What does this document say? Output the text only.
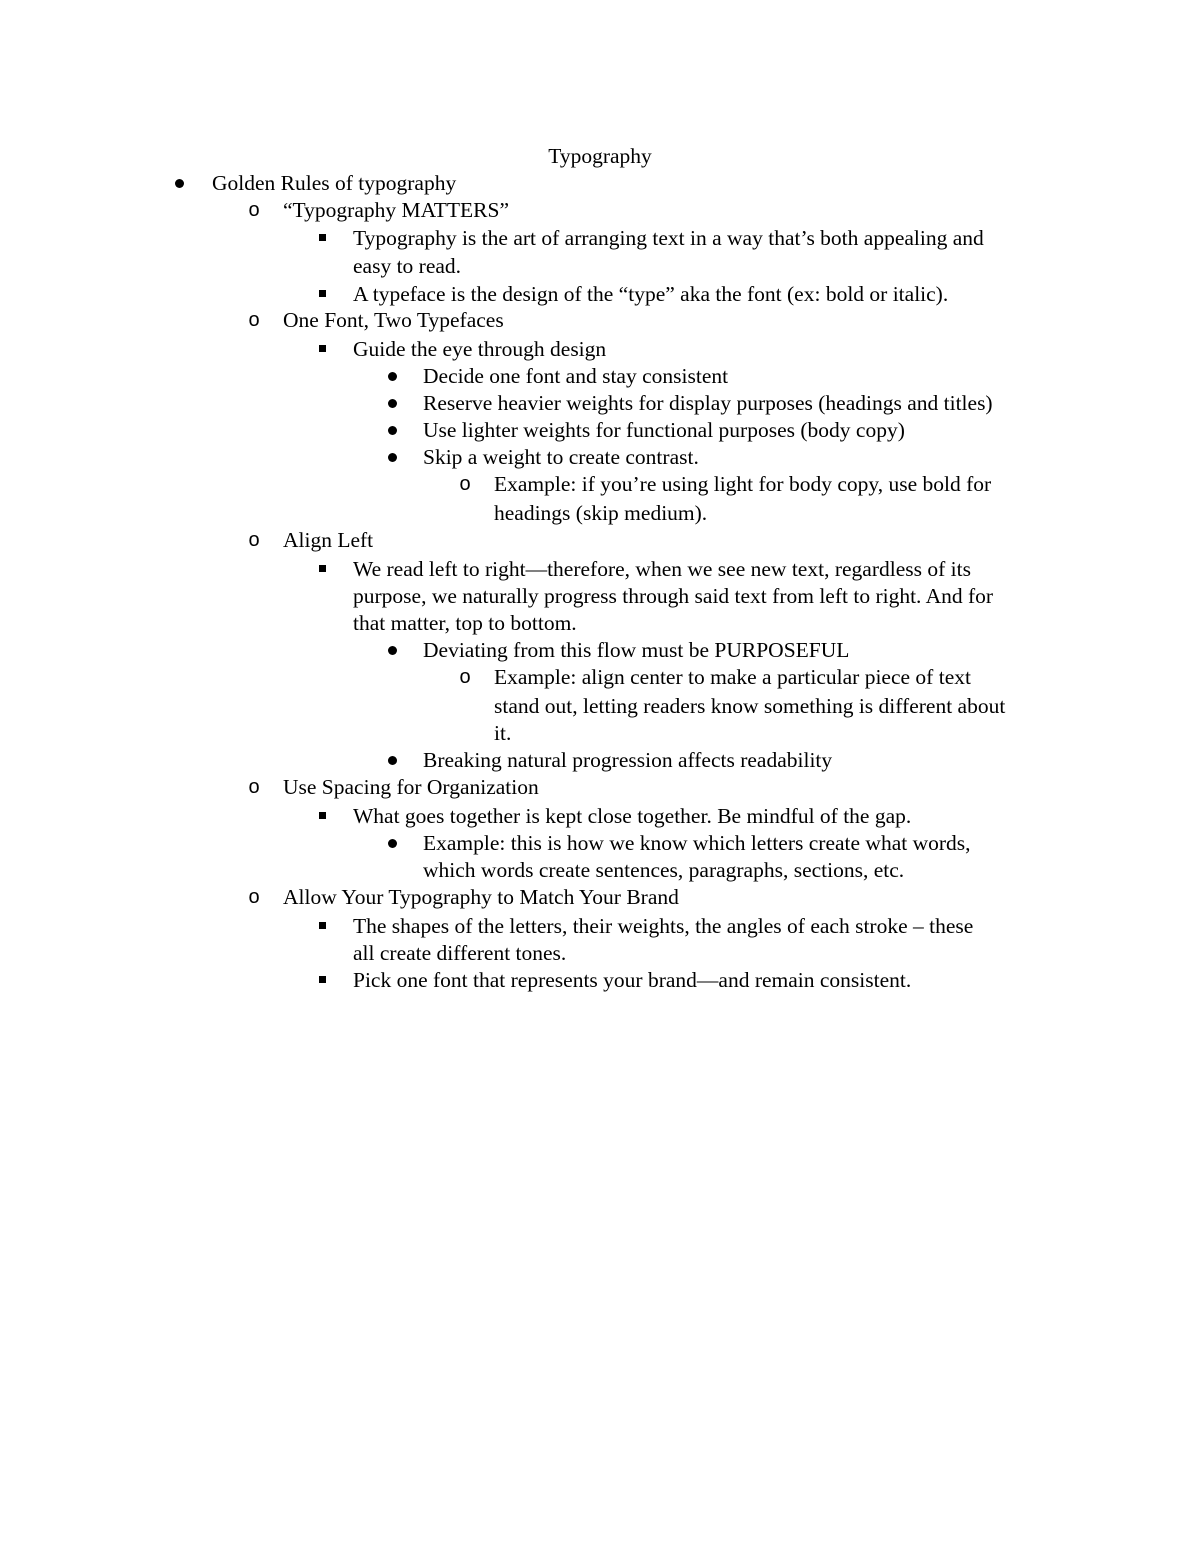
Typography
Golden Rules of typography
o “Typography MATTERS”
Typography is the art of arranging text in a way that’s both appealing and
easy to read.
A typeface is the design of the “type” aka the font (ex: bold or italic).
o One Font, Two Typefaces
Guide the eye through design
Decide one font and stay consistent
Reserve heavier weights for display purposes (headings and titles)
Use lighter weights for functional purposes (body copy)
Skip a weight to create contrast.
o Example: if you’re using light for body copy, use bold for
headings (skip medium).
o Align Left
We read left to right—therefore, when we see new text, regardless of its
purpose, we naturally progress through said text from left to right. And for
that matter, top to bottom.
Deviating from this flow must be PURPOSEFUL
o Example: align center to make a particular piece of text
stand out, letting readers know something is different about
it.
Breaking natural progression affects readability
o Use Spacing for Organization
What goes together is kept close together. Be mindful of the gap.
Example: this is how we know which letters create what words,
which words create sentences, paragraphs, sections, etc.
o Allow Your Typography to Match Your Brand
The shapes of the letters, their weights, the angles of each stroke – these
all create different tones.
Pick one font that represents your brand—and remain consistent.
